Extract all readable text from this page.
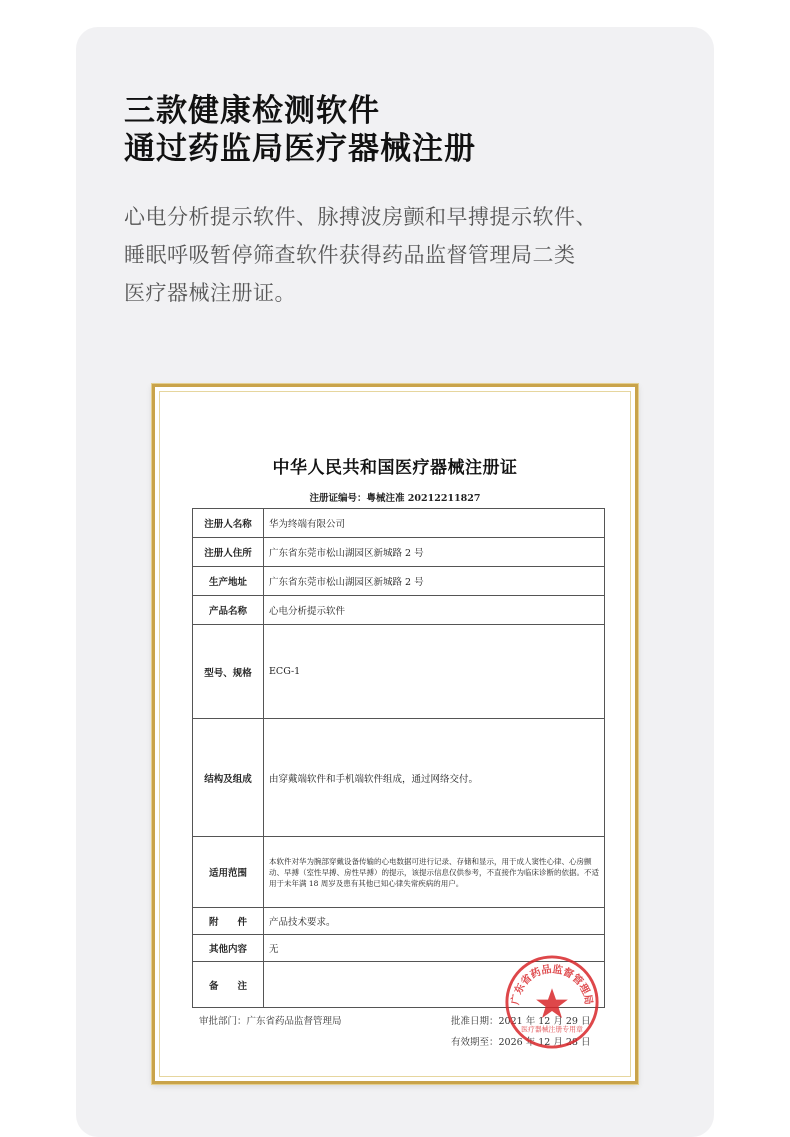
三款健康检测软件
通过药监局医疗器械注册
心电分析提示软件、脉搏波房颤和早搏提示软件、
睡眠呼吸暂停筛查软件获得药品监督管理局二类
医疗器械注册证。
中华人民共和国医疗器械注册证
注册证编号：粤械注准 20212211827
注册人名称	华为终端有限公司
注册人住所	广东省东莞市松山湖园区新城路 2 号
生产地址	广东省东莞市松山湖园区新城路 2 号
产品名称	心电分析提示软件
型号、规格	ECG-1
结构及组成	由穿戴端软件和手机端软件组成，通过网络交付。
适用范围	本软件对华为腕部穿戴设备传输的心电数据可进行记录、存储和显示，用于成人窦性心律、心房颤动、早搏（室性早搏、房性早搏）的提示，该提示信息仅供参考，不直接作为临床诊断的依据。不适用于未年满 18 周岁及患有其他已知心律失常疾病的用户。
附　　件	产品技术要求。
其他内容	无
备　　注	
审批部门：广东省药品监督管理局	批准日期：2021 年 12 月 29 日
有效期至：2026 年 12 月 28 日
广东省药品监督管理局
医疗器械注册专用章
